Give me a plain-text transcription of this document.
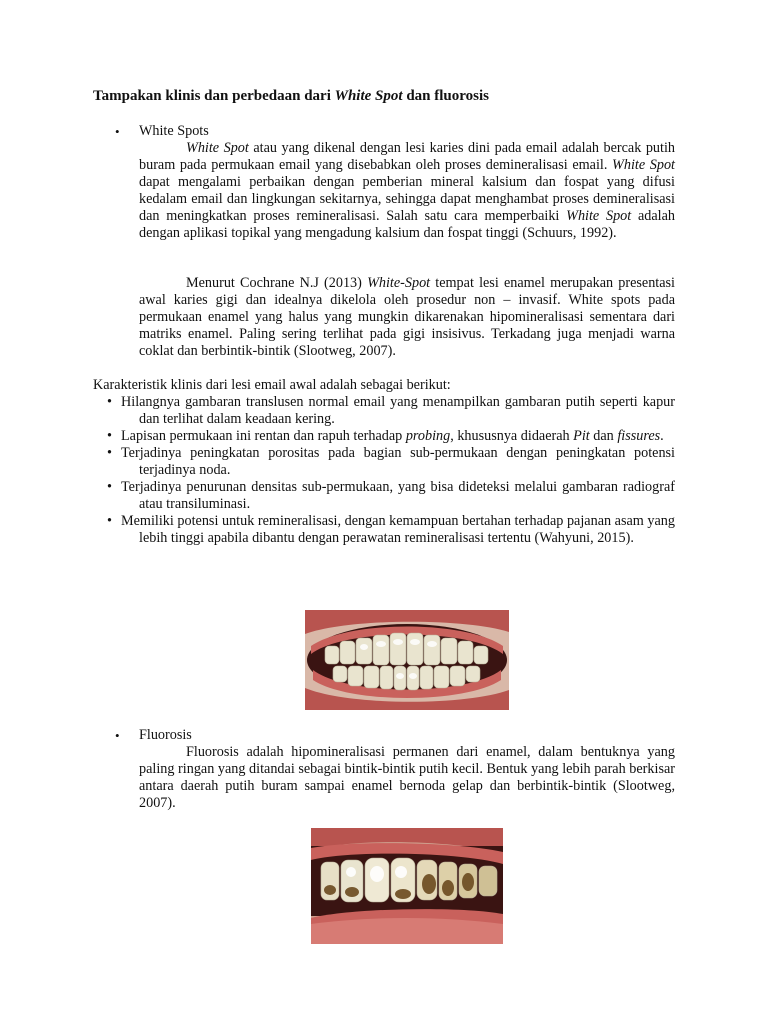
Tampakan klinis dan perbedaan dari White Spot dan fluorosis
• White Spots
White Spot atau yang dikenal dengan lesi karies dini pada email adalah bercak putih buram pada permukaan email yang disebabkan oleh proses demineralisasi email. White Spot dapat mengalami perbaikan dengan pemberian mineral kalsium dan fospat yang difusi kedalam email dan lingkungan sekitarnya, sehingga dapat menghambat proses demineralisasi dan meningkatkan proses remineralisasi. Salah satu cara memperbaiki White Spot adalah dengan aplikasi topikal yang mengadung kalsium dan fospat tinggi (Schuurs, 1992).
Menurut Cochrane N.J (2013) White-Spot tempat lesi enamel merupakan presentasi awal karies gigi dan idealnya dikelola oleh prosedur non – invasif. White spots pada permukaan enamel yang halus yang mungkin dikarenakan hipomineralisasi sementara dari matriks enamel. Paling sering terlihat pada gigi insisivus. Terkadang juga menjadi warna coklat dan berbintik-bintik (Slootweg, 2007).
Karakteristik klinis dari lesi email awal adalah sebagai berikut:
• Hilangnya gambaran translusen normal email yang menampilkan gambaran putih seperti kapur dan terlihat dalam keadaan kering.
• Lapisan permukaan ini rentan dan rapuh terhadap probing, khususnya didaerah Pit dan fissures.
• Terjadinya peningkatan porositas pada bagian sub-permukaan dengan peningkatan potensi terjadinya noda.
• Terjadinya penurunan densitas sub-permukaan, yang bisa dideteksi melalui gambaran radiograf atau transiluminasi.
• Memiliki potensi untuk remineralisasi, dengan kemampuan bertahan terhadap pajanan asam yang lebih tinggi apabila dibantu dengan perawatan remineralisasi tertentu (Wahyuni, 2015).
• Fluorosis
Fluorosis adalah hipomineralisasi permanen dari enamel, dalam bentuknya yang paling ringan yang ditandai sebagai bintik-bintik putih kecil. Bentuk yang lebih parah berkisar antara daerah putih buram sampai enamel bernoda gelap dan berbintik-bintik (Slootweg, 2007).
